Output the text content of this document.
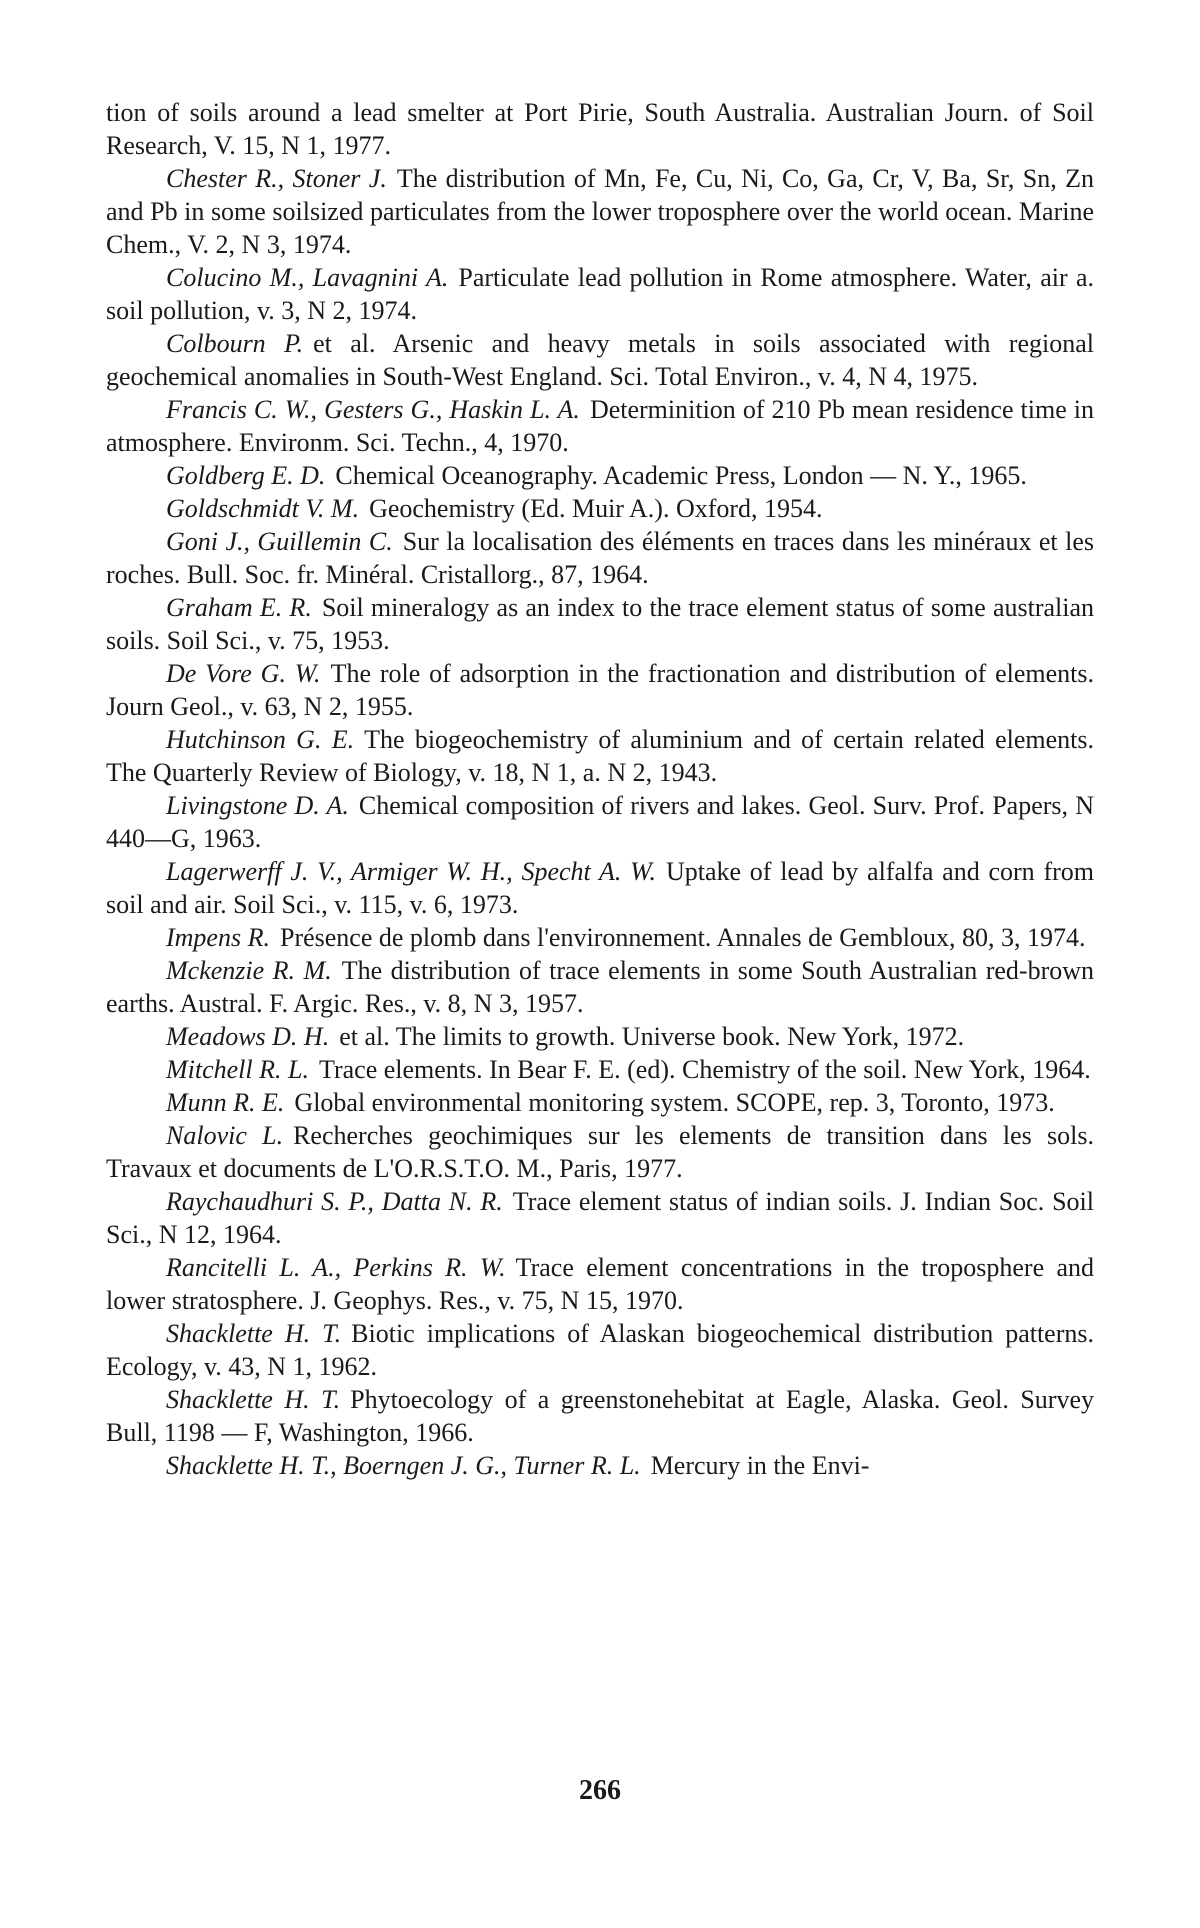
tion of soils around a lead smelter at Port Pirie, South Australia. Australian Journ. of Soil Research, V. 15, N 1, 1977.
Chester R., Stoner J. The distribution of Mn, Fe, Cu, Ni, Co, Ga, Cr, V, Ba, Sr, Sn, Zn and Pb in some soilsized particulates from the lower troposphere over the world ocean. Marine Chem., V. 2, N 3, 1974.
Colucino M., Lavagnini A. Particulate lead pollution in Rome atmosphere. Water, air a. soil pollution, v. 3, N 2, 1974.
Colbourn P. et al. Arsenic and heavy metals in soils associated with regional geochemical anomalies in South-West England. Sci. Total Environ., v. 4, N 4, 1975.
Francis C. W., Gesters G., Haskin L. A. Determinition of 210 Pb mean residence time in atmosphere. Environm. Sci. Techn., 4, 1970.
Goldberg E. D. Chemical Oceanography. Academic Press, London — N. Y., 1965.
Goldschmidt V. M. Geochemistry (Ed. Muir A.). Oxford, 1954.
Goni J., Guillemin C. Sur la localisation des éléments en traces dans les minéraux et les roches. Bull. Soc. fr. Minéral. Cristallorg., 87, 1964.
Graham E. R. Soil mineralogy as an index to the trace element status of some australian soils. Soil Sci., v. 75, 1953.
De Vore G. W. The role of adsorption in the fractionation and distribution of elements. Journ Geol., v. 63, N 2, 1955.
Hutchinson G. E. The biogeochemistry of aluminium and of certain related elements. The Quarterly Review of Biology, v. 18, N 1, a. N 2, 1943.
Livingstone D. A. Chemical composition of rivers and lakes. Geol. Surv. Prof. Papers, N 440—G, 1963.
Lagerwerff J. V., Armiger W. H., Specht A. W. Uptake of lead by alfalfa and corn from soil and air. Soil Sci., v. 115, v. 6, 1973.
Impens R. Présence de plomb dans l'environnement. Annales de Gembloux, 80, 3, 1974.
Mckenzie R. M. The distribution of trace elements in some South Australian red-brown earths. Austral. F. Argic. Res., v. 8, N 3, 1957.
Meadows D. H. et al. The limits to growth. Universe book. New York, 1972.
Mitchell R. L. Trace elements. In Bear F. E. (ed). Chemistry of the soil. New York, 1964.
Munn R. E. Global environmental monitoring system. SCOPE, rep. 3, Toronto, 1973.
Nalovic L. Recherches geochimiques sur les elements de transition dans les sols. Travaux et documents de L'O.R.S.T.O. M., Paris, 1977.
Raychaudhuri S. P., Datta N. R. Trace element status of indian soils. J. Indian Soc. Soil Sci., N 12, 1964.
Rancitelli L. A., Perkins R. W. Trace element concentrations in the troposphere and lower stratosphere. J. Geophys. Res., v. 75, N 15, 1970.
Shacklette H. T. Biotic implications of Alaskan biogeochemical distribution patterns. Ecology, v. 43, N 1, 1962.
Shacklette H. T. Phytoecology of a greenstonehebitat at Eagle, Alaska. Geol. Survey Bull, 1198 — F, Washington, 1966.
Shacklette H. T., Boerngen J. G., Turner R. L. Mercury in the Envi-
266
